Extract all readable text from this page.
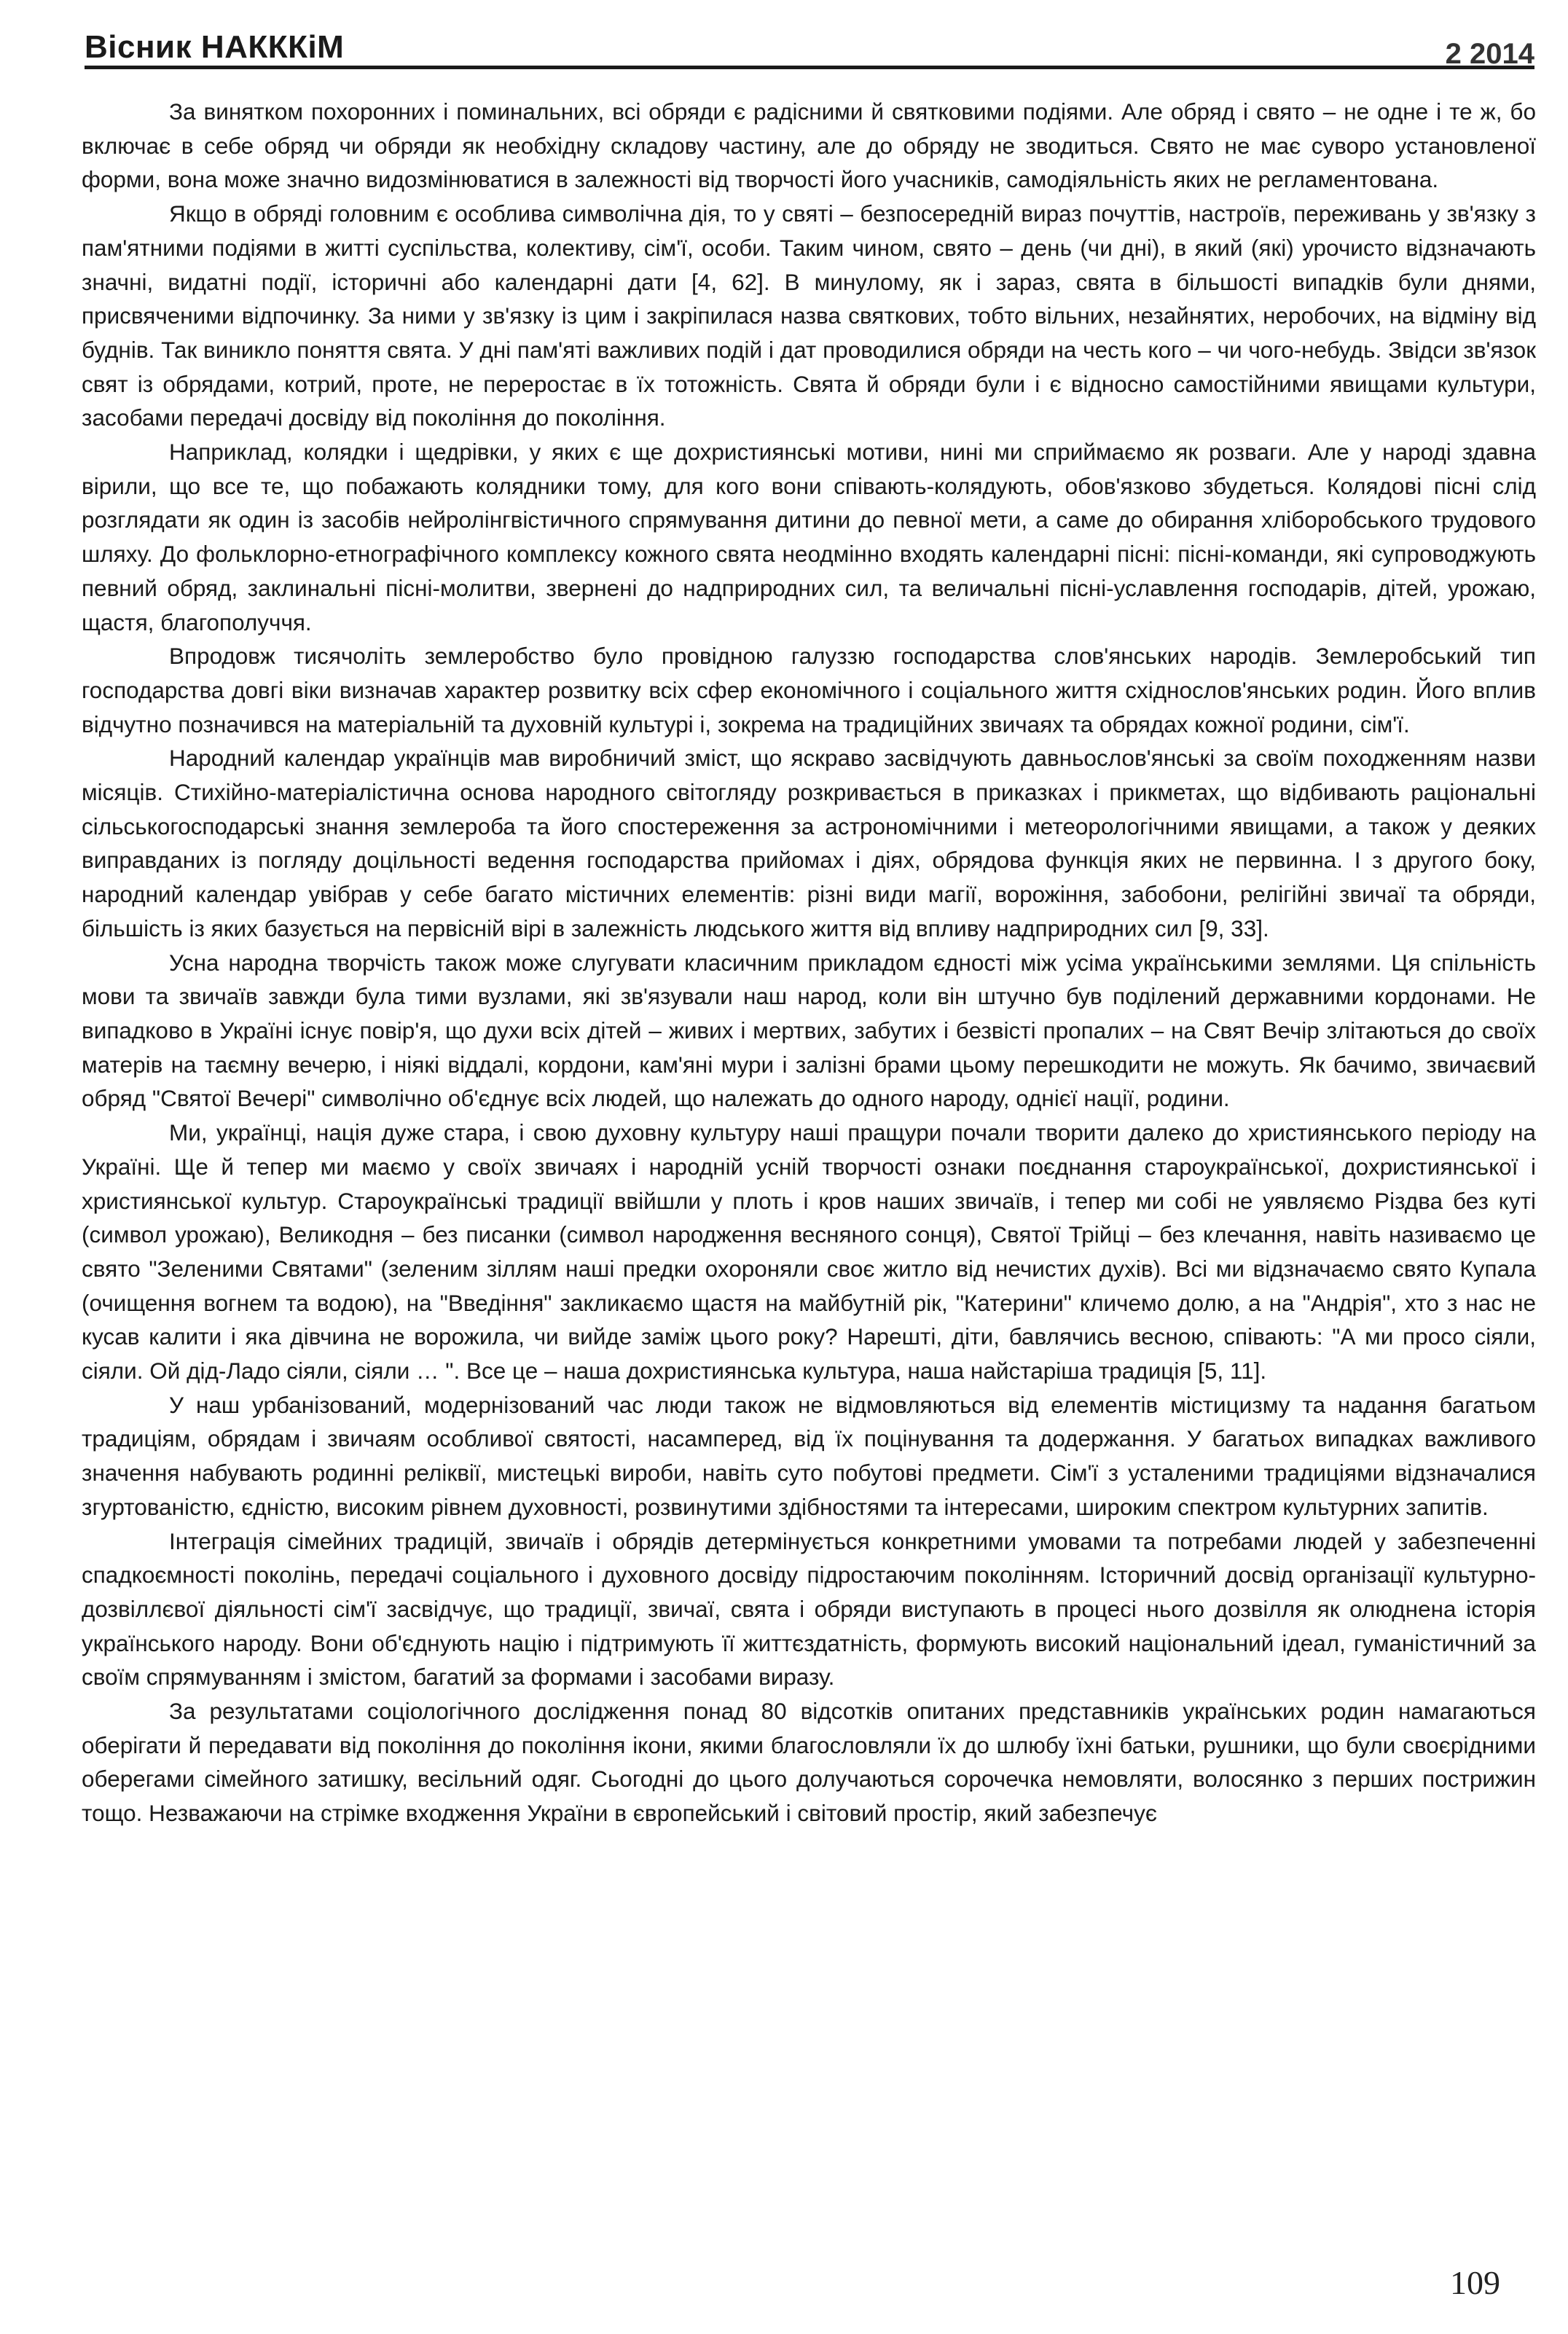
Вісник НАКККіМ	2 2014

За винятком похоронних і поминальних, всі обряди є радісними й святковими подіями. Але обряд і свято – не одне і те ж, бо включає в себе обряд чи обряди як необхідну складову частину, але до обряду не зводиться. Свято не має суворо установленої форми, вона може значно видозмінюватися в залежності від творчості його учасників, самодіяльність яких не регламентована.

Якщо в обряді головним є особлива символічна дія, то у святі – безпосередній вираз почуттів, настроїв, переживань у зв'язку з пам'ятними подіями в житті суспільства, колективу, сім'ї, особи. Таким чином, свято – день (чи дні), в який (які) урочисто відзначають значні, видатні події, історичні або календарні дати [4, 62]. В минулому, як і зараз, свята в більшості випадків були днями, присвяченими відпочинку. За ними у зв'язку із цим і закріпилася назва святкових, тобто вільних, незайнятих, неробочих, на відміну від буднів. Так виникло поняття свята. У дні пам'яті важливих подій і дат проводилися обряди на честь кого – чи чого-небудь. Звідси зв'язок свят із обрядами, котрий, проте, не переростає в їх тотожність. Свята й обряди були і є відносно самостійними явищами культури, засобами передачі досвіду від покоління до покоління.

Наприклад, колядки і щедрівки, у яких є ще дохристиянські мотиви, нині ми сприймаємо як розваги. Але у народі здавна вірили, що все те, що побажають колядники тому, для кого вони співають-колядують, обов'язково збудеться. Колядові пісні слід розглядати як один із засобів нейролінгвістичного спрямування дитини до певної мети, а саме до обирання хліборобського трудового шляху. До фольклорно-етнографічного комплексу кожного свята неодмінно входять календарні пісні: пісні-команди, які супроводжують певний обряд, заклинальні пісні-молитви, звернені до надприродних сил, та величальні пісні-уславлення господарів, дітей, урожаю, щастя, благополуччя.

Впродовж тисячоліть землеробство було провідною галуззю господарства слов'янських народів. Землеробський тип господарства довгі віки визначав характер розвитку всіх сфер економічного і соціального життя східнослов'янських родин. Його вплив відчутно позначився на матеріальній та духовній культурі і, зокрема на традиційних звичаях та обрядах кожної родини, сім'ї.

Народний календар українців мав виробничий зміст, що яскраво засвідчують давньослов'янські за своїм походженням назви місяців. Стихійно-матеріалістична основа народного світогляду розкривається в приказках і прикметах, що відбивають раціональні сільськогосподарські знання землероба та його спостереження за астрономічними і метеорологічними явищами, а також у деяких виправданих із погляду доцільності ведення господарства прийомах і діях, обрядова функція яких не первинна. І з другого боку, народний календар увібрав у себе багато містичних елементів: різні види магії, ворожіння, забобони, релігійні звичаї та обряди, більшість із яких базується на первісній вірі в залежність людського життя від впливу надприродних сил [9, 33].

Усна народна творчість також може слугувати класичним прикладом єдності між усіма українськими землями. Ця спільність мови та звичаїв завжди була тими вузлами, які зв'язували наш народ, коли він штучно був поділений державними кордонами. Не випадково в Україні існує повір'я, що духи всіх дітей – живих і мертвих, забутих і безвісті пропалих – на Свят Вечір злітаються до своїх матерів на таємну вечерю, і ніякі віддалі, кордони, кам'яні мури і залізні брами цьому перешкодити не можуть. Як бачимо, звичаєвий обряд "Святої Вечері" символічно об'єднує всіх людей, що належать до одного народу, однієї нації, родини.

Ми, українці, нація дуже стара, і свою духовну культуру наші пращури почали творити далеко до християнського періоду на Україні. Ще й тепер ми маємо у своїх звичаях і народній усній творчості ознаки поєднання староукраїнської, дохристиянської і християнської культур. Староукраїнські традиції ввійшли у плоть і кров наших звичаїв, і тепер ми собі не уявляємо Різдва без куті (символ урожаю), Великодня – без писанки (символ народження весняного сонця), Святої Трійці – без клечання, навіть називаємо це свято "Зеленими Святами" (зеленим зіллям наші предки охороняли своє житло від нечистих духів). Всі ми відзначаємо свято Купала (очищення вогнем та водою), на "Введіння" закликаємо щастя на майбутній рік, "Катерини" кличемо долю, а на "Андрія", хто з нас не кусав калити і яка дівчина не ворожила, чи вийде заміж цього року? Нарешті, діти, бавлячись весною, співають: "А ми просо сіяли, сіяли. Ой дід-Ладо сіяли, сіяли … ". Все це – наша дохристиянська культура, наша найстаріша традиція [5, 11].

У наш урбанізований, модернізований час люди також не відмовляються від елементів містицизму та надання багатьом традиціям, обрядам і звичаям особливої святості, насамперед, від їх поцінування та додержання. У багатьох випадках важливого значення набувають родинні реліквії, мистецькі вироби, навіть суто побутові предмети. Сім'ї з усталеними традиціями відзначалися згуртованістю, єдністю, високим рівнем духовності, розвинутими здібностями та інтересами, широким спектром культурних запитів.

Інтеграція сімейних традицій, звичаїв і обрядів детермінується конкретними умовами та потребами людей у забезпеченні спадкоємності поколінь, передачі соціального і духовного досвіду підростаючим поколінням. Історичний досвід організації культурно-дозвіллєвої діяльності сім'ї засвідчує, що традиції, звичаї, свята і обряди виступають в процесі нього дозвілля як олюднена історія українського народу. Вони об'єднують націю і підтримують її життєздатність, формують високий національний ідеал, гуманістичний за своїм спрямуванням і змістом, багатий за формами і засобами виразу.

За результатами соціологічного дослідження понад 80 відсотків опитаних представників українських родин намагаються оберігати й передавати від покоління до покоління ікони, якими благословляли їх до шлюбу їхні батьки, рушники, що були своєрідними оберегами сімейного затишку, весільний одяг. Сьогодні до цього долучаються сорочечка немовляти, волосянко з перших пострижин тощо. Незважаючи на стрімке входження України в європейський і світовий простір, який забезпечує

109
